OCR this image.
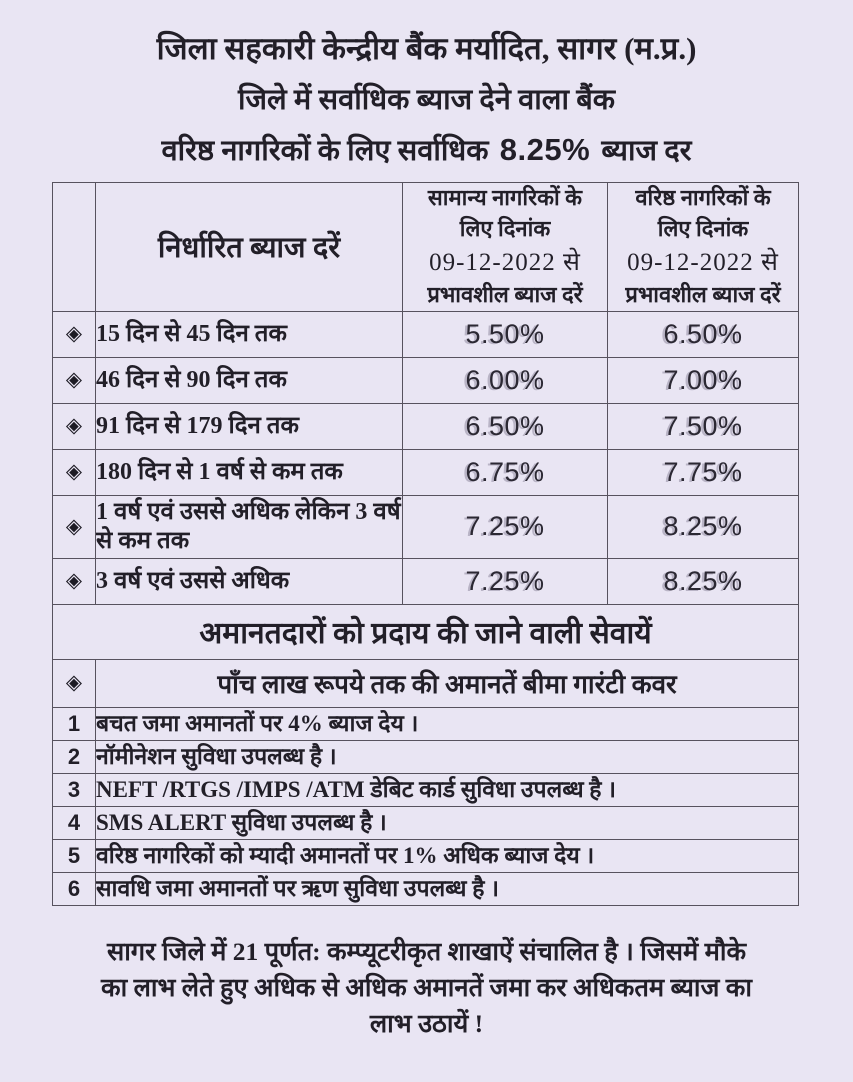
जिला सहकारी केन्द्रीय बैंक मर्यादित, सागर (म.प्र.)
जिले में सर्वाधिक ब्याज देने वाला बैंक
वरिष्ठ नागरिकों के लिए सर्वाधिक 8.25% ब्याज दर
	निर्धारित ब्याज दरें	सामान्य नागरिकों के
लिए दिनांक
09-12-2022 से
प्रभावशील ब्याज दरें	वरिष्ठ नागरिकों के
लिए दिनांक
09-12-2022 से
प्रभावशील ब्याज दरें

◈	15 दिन से 45 दिन तक	5.50%	6.50%
◈	46 दिन से 90 दिन तक	6.00%	7.00%
◈	91 दिन से 179 दिन तक	6.50%	7.50%
◈	180 दिन से 1 वर्ष से कम तक	6.75%	7.75%
◈	1 वर्ष एवं उससे अधिक लेकिन 3 वर्ष से कम तक	7.25%	8.25%
◈	3 वर्ष एवं उससे अधिक	7.25%	8.25%
अमानतदारों को प्रदाय की जाने वाली सेवायें			
◈	पाँच लाख रूपये तक की अमानतें बीमा गारंटी कवर		
1	बचत जमा अमानतों पर 4% ब्याज देय ।		
2	नॉमीनेशन सुविधा उपलब्ध है ।		
3	NEFT /RTGS /IMPS /ATM डेबिट कार्ड सुविधा उपलब्ध है ।		
4	SMS ALERT सुविधा उपलब्ध है ।		
5	वरिष्ठ नागरिकों को म्यादी अमानतों पर 1% अधिक ब्याज देय ।		
6	सावधि जमा अमानतों पर ऋण सुविधा उपलब्ध है ।		
सागर जिले में 21 पूर्णत: कम्प्यूटरीकृत शाखाऐं संचालित है । जिसमें मौके
का लाभ लेते हुए अधिक से अधिक अमानतें जमा कर अधिकतम ब्याज का
लाभ उठायें !
